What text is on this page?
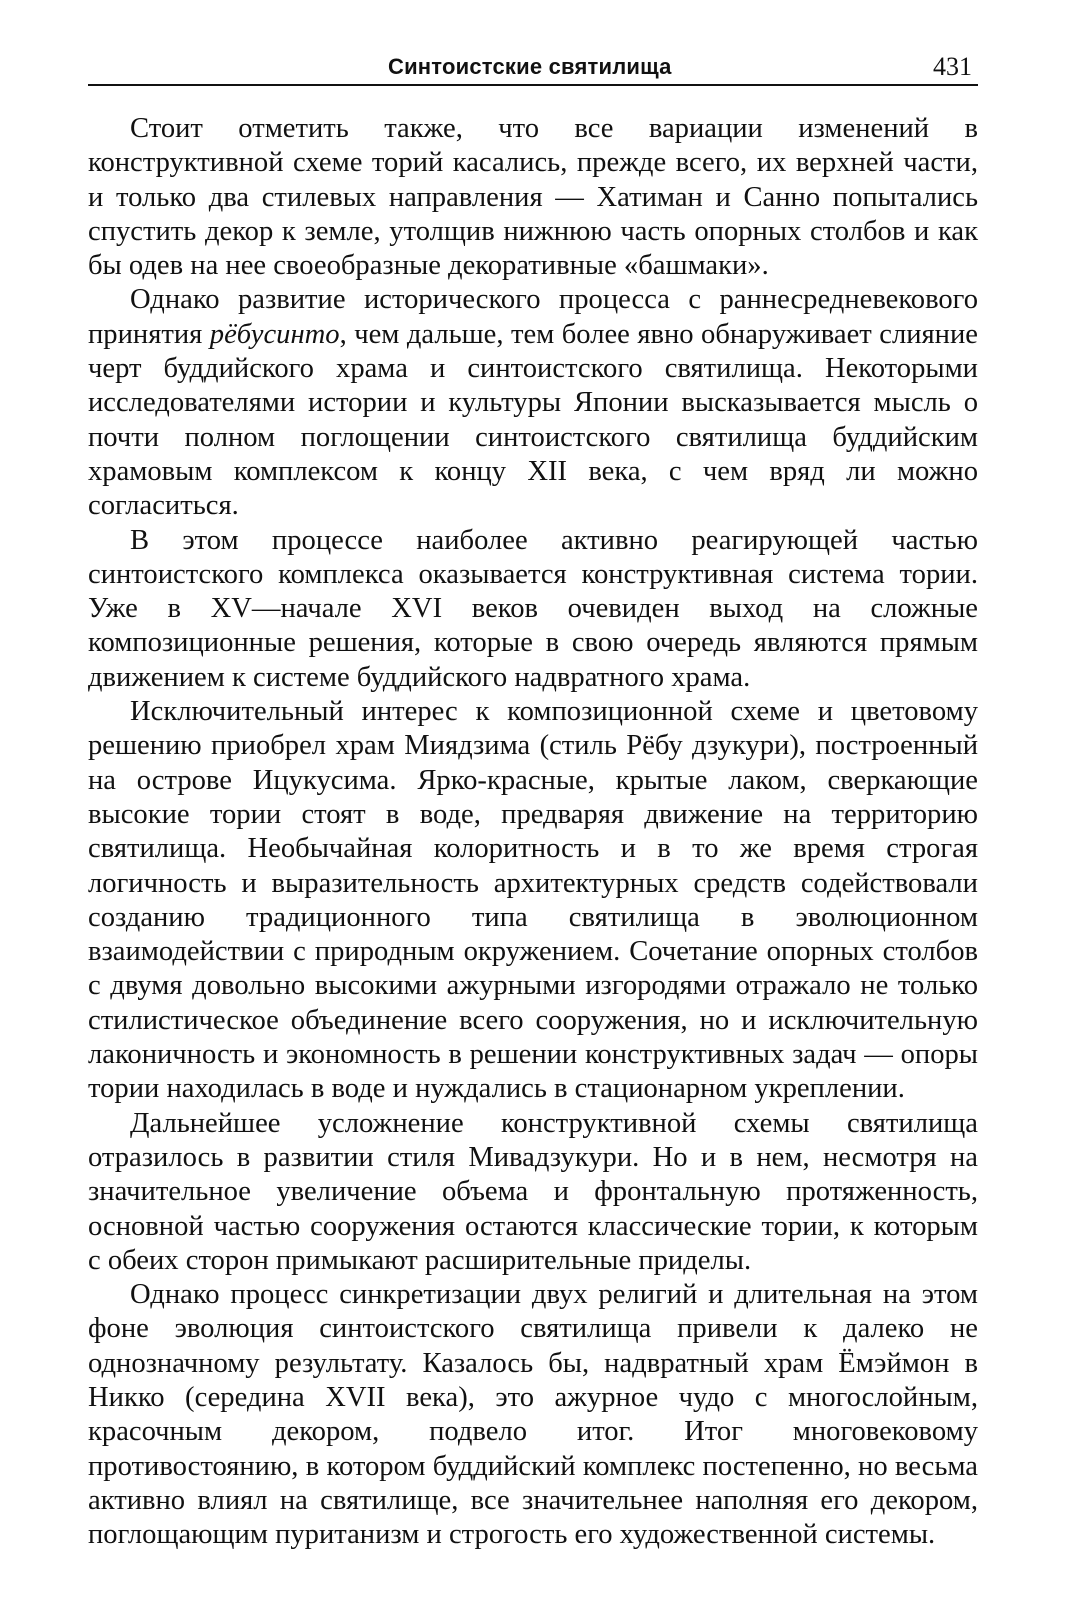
Синтоистские святилища	431

Стоит отметить также, что все вариации изменений в конструктивной схеме торий касались, прежде всего, их верхней части, и только два стилевых направления — Хатиман и Саннo попытались спустить декор к земле, утолщив нижнюю часть опорных столбов и как бы одев на нее своеобразные декоративные «башмаки».

Однако развитие исторического процесса с раннесредневекового принятия рёбусинто, чем дальше, тем более явно обнаруживает слияние черт буддийского храма и синтоистского святилища. Некоторыми исследователями истории и культуры Японии высказывается мысль о почти полном поглощении синтоистского святилища буддийским храмовым комплексом к концу XII века, с чем вряд ли можно согласиться.

В этом процессе наиболее активно реагирующей частью синтоистского комплекса оказывается конструктивная система тории. Уже в XV—начале XVI веков очевиден выход на сложные композиционные решения, которые в свою очередь являются прямым движением к системе буддийского надвратного храма.

Исключительный интерес к композиционной схеме и цветовому решению приобрел храм Миядзима (стиль Рёбу дзукури), построенный на острове Ицукусима. Ярко-красные, крытые лаком, сверкающие высокие тории стоят в воде, предваряя движение на территорию святилища. Необычайная колоритность и в то же время строгая логичность и выразительность архитектурных средств содействовали созданию традиционного типа святилища в эволюционном взаимодействии с природным окружением. Сочетание опорных столбов с двумя довольно высокими ажурными изгородями отражало не только стилистическое объединение всего сооружения, но и исключительную лаконичность и экономность в решении конструктивных задач — опоры тории находилась в воде и нуждались в стационарном укреплении.

Дальнейшее усложнение конструктивной схемы святилища отразилось в развитии стиля Мивадзукури. Но и в нем, несмотря на значительное увеличение объема и фронтальную протяженность, основной частью сооружения остаются классические тории, к которым с обеих сторон примыкают расширительные приделы.

Однако процесс синкретизации двух религий и длительная на этом фоне эволюция синтоистского святилища привели к далеко не однозначному результату. Казалось бы, надвратный храм Ёмэймон в Никко (середина XVII века), это ажурное чудо с многослойным, красочным декором, подвело итог. Итог многовековому противостоянию, в котором буддийский комплекс постепенно, но весьма активно влиял на святилище, все значительнее наполняя его декором, поглощающим пуританизм и строгость его художественной системы.
